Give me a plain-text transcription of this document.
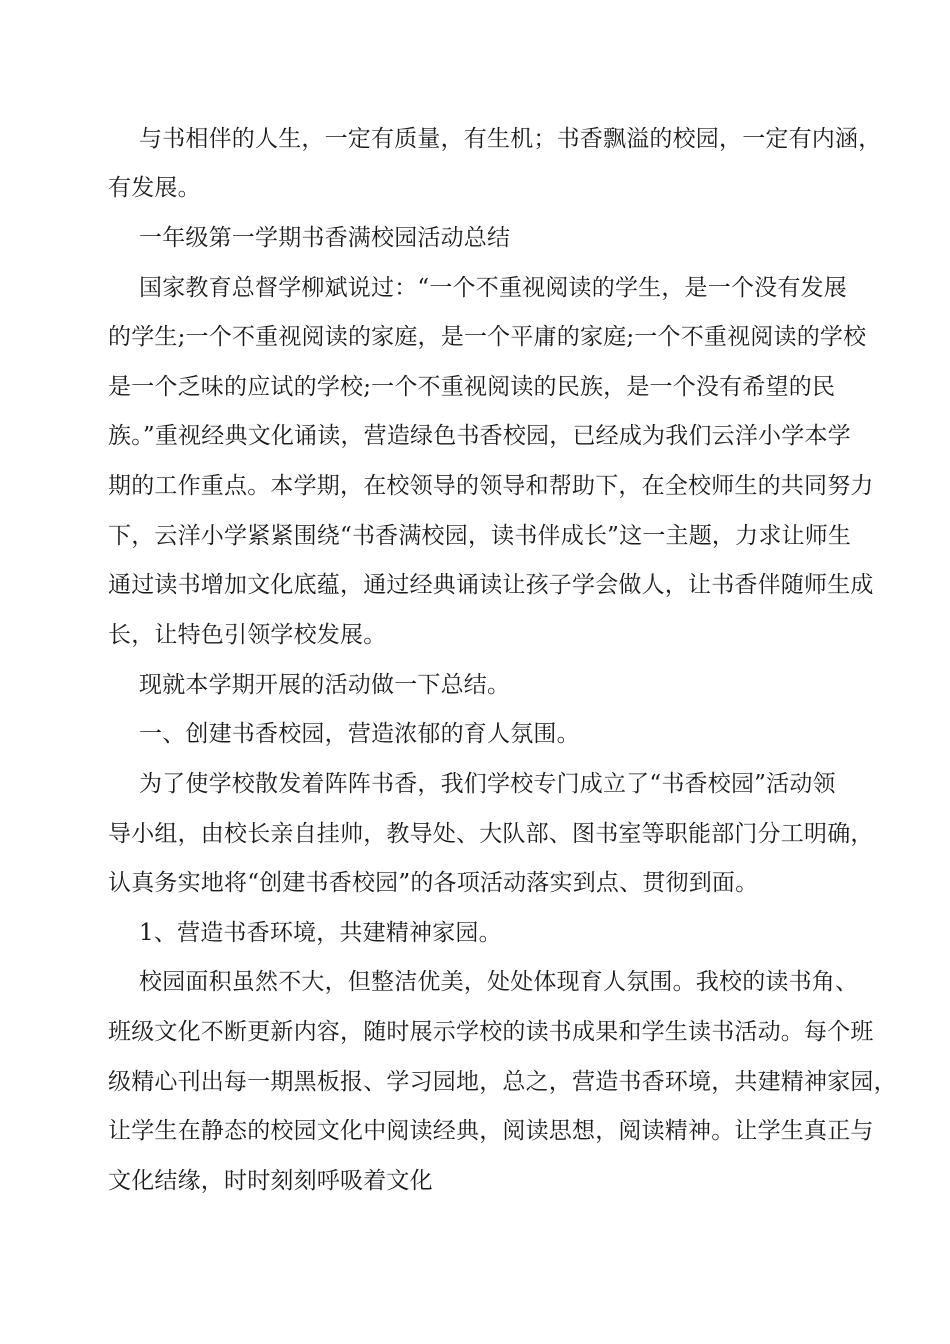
与书相伴的人生，一定有质量，有生机；书香飘溢的校园，一定有内涵，
有发展。
一年级第一学期书香满校园活动总结
国家教育总督学柳斌说过：“一个不重视阅读的学生，是一个没有发展
的学生;一个不重视阅读的家庭，是一个平庸的家庭;一个不重视阅读的学校
是一个乏味的应试的学校;一个不重视阅读的民族，是一个没有希望的民
族。”重视经典文化诵读，营造绿色书香校园，已经成为我们云洋小学本学
期的工作重点。本学期，在校领导的领导和帮助下，在全校师生的共同努力
下，云洋小学紧紧围绕“书香满校园，读书伴成长”这一主题，力求让师生
通过读书增加文化底蕴，通过经典诵读让孩子学会做人，让书香伴随师生成
长，让特色引领学校发展。
现就本学期开展的活动做一下总结。
一、创建书香校园，营造浓郁的育人氛围。
为了使学校散发着阵阵书香，我们学校专门成立了“书香校园”活动领
导小组，由校长亲自挂帅，教导处、大队部、图书室等职能部门分工明确，
认真务实地将“创建书香校园”的各项活动落实到点、贯彻到面。
1、营造书香环境，共建精神家园。
校园面积虽然不大，但整洁优美，处处体现育人氛围。我校的读书角、
班级文化不断更新内容，随时展示学校的读书成果和学生读书活动。每个班
级精心刊出每一期黑板报、学习园地，总之，营造书香环境，共建精神家园，
让学生在静态的校园文化中阅读经典，阅读思想，阅读精神。让学生真正与
文化结缘，时时刻刻呼吸着文化
